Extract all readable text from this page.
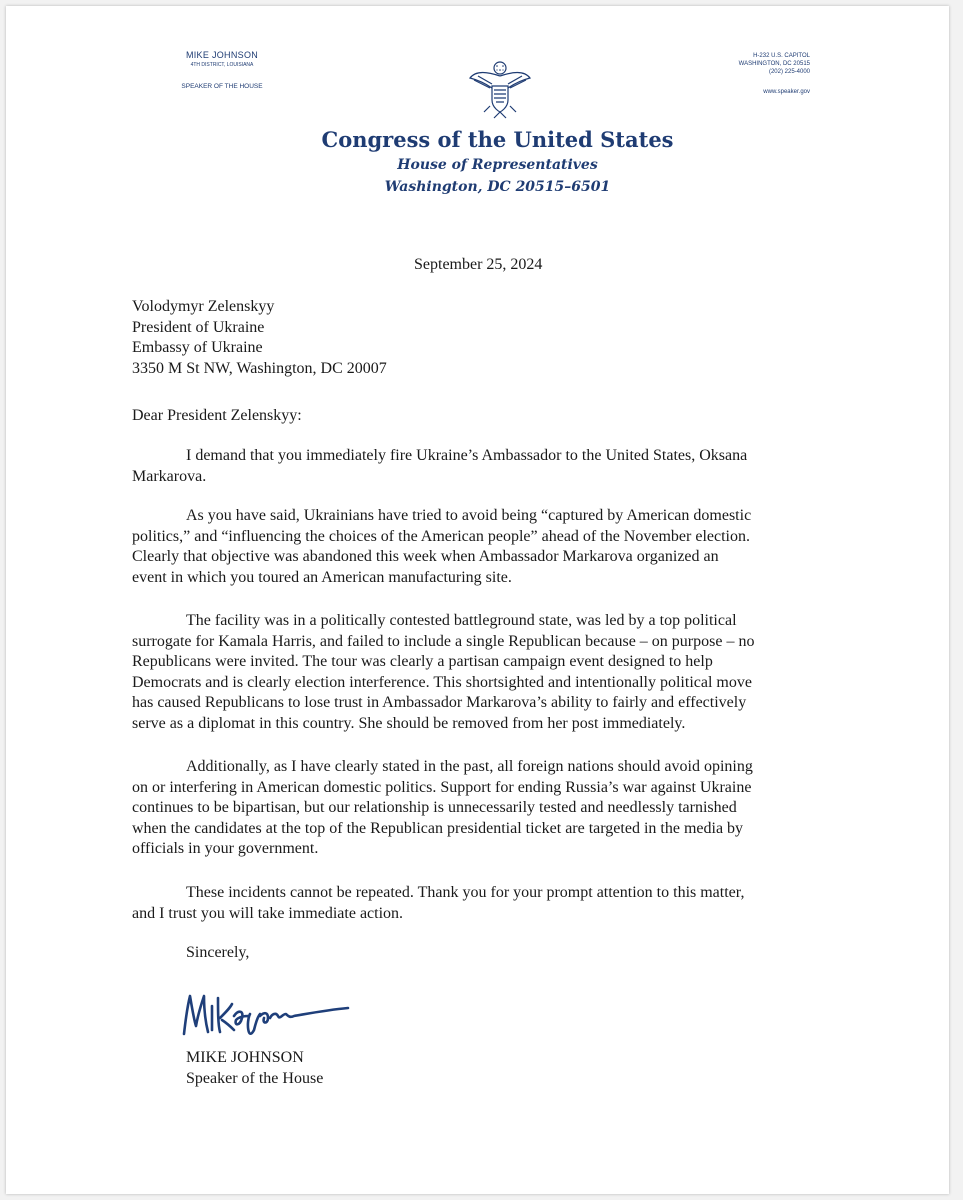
MIKE JOHNSON
4TH DISTRICT, LOUISIANA
SPEAKER OF THE HOUSE
H-232 U.S. CAPITOL
WASHINGTON, DC 20515
(202) 225-4000
www.speaker.gov
Congress of the United States
House of Representatives
Washington, DC 20515–6501
September 25, 2024
Volodymyr Zelenskyy
President of Ukraine
Embassy of Ukraine
3350 M St NW, Washington, DC 20007
Dear President Zelenskyy:
I demand that you immediately fire Ukraine’s Ambassador to the United States, Oksana
Markarova.
As you have said, Ukrainians have tried to avoid being “captured by American domestic
politics,” and “influencing the choices of the American people” ahead of the November election.
Clearly that objective was abandoned this week when Ambassador Markarova organized an
event in which you toured an American manufacturing site.
The facility was in a politically contested battleground state, was led by a top political
surrogate for Kamala Harris, and failed to include a single Republican because – on purpose – no
Republicans were invited. The tour was clearly a partisan campaign event designed to help
Democrats and is clearly election interference. This shortsighted and intentionally political move
has caused Republicans to lose trust in Ambassador Markarova’s ability to fairly and effectively
serve as a diplomat in this country. She should be removed from her post immediately.
Additionally, as I have clearly stated in the past, all foreign nations should avoid opining
on or interfering in American domestic politics. Support for ending Russia’s war against Ukraine
continues to be bipartisan, but our relationship is unnecessarily tested and needlessly tarnished
when the candidates at the top of the Republican presidential ticket are targeted in the media by
officials in your government.
These incidents cannot be repeated. Thank you for your prompt attention to this matter,
and I trust you will take immediate action.
Sincerely,
MIKE JOHNSON
Speaker of the House
